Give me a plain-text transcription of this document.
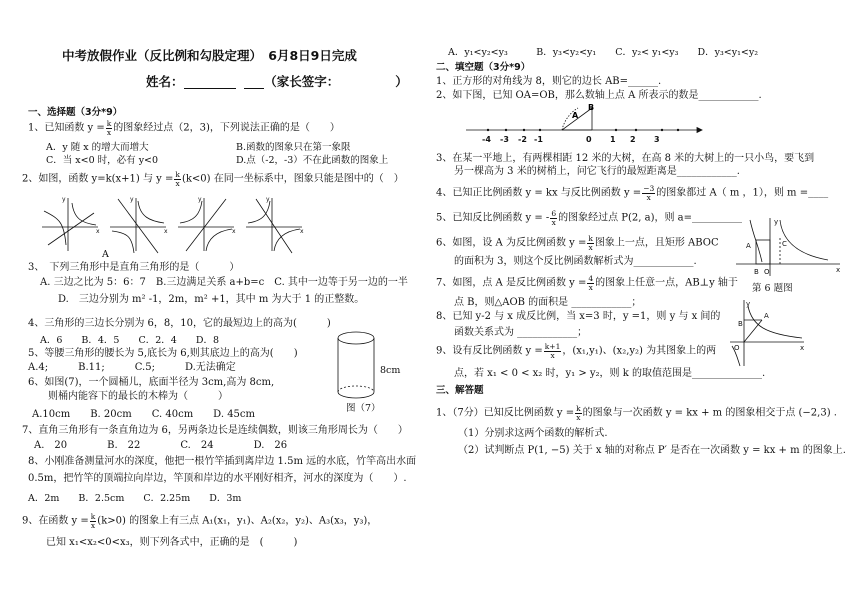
中考放假作业（反比例和勾股定理）　6月8日9日完成
姓名：	（家长签字：	）
一、选择题（3分*9）
1、已知函数 $y = \frac{k}{x}$ 的图象经过点（2，3)，下列说法正确的是（　　）
A．y 随 x 的增大而增大	B.函数的图象只在第一象限
C．当 x<0 时，必有 y<0	D.点（-2，-3）不在此函数的图象上
2、如图，函数 y=k(x+1) 与 $y = \frac{k}{x} (k<0)$ 在同一坐标系中，图象只能是图中的（　）
y
x
y
x
y
x
y
x
A
3、　下列三角形中是直角三角形的是（　　　）
A. 三边之比为 5：6：7　B.三边满足关系 a+b=c　C. 其中一边等于另一边的一半
D.　三边分别为 m² -1，2m，m² +1，其中 m 为大于 1 的正整数。
4、三角形的三边长分别为 6，8，10，它的最短边上的高为(　　　)
A．6　　B．4．5　　C．2．4　　D．8
5、等腰三角形的腰长为 5,底长为 6,则其底边上的高为(　　)
A.4;　　　B.11;　　　C.5;　　　D.无法确定
6、如图(7)，一个圆桶儿，底面半径为 3cm,高为 8cm,
则桶内能容下的最长的木棒为（　　　）
A.10cm　　B. 20cm　　C. 40cm　　D. 45cm
8cm
图（7）
7、直角三角形有一条直角边为 6，另两条边长是连续偶数，则该三角形周长为（　　）
A.　20　　　　B.　22　　　　C.　24　　　　D.　26
8、小刚准备测量河水的深度，他把一根竹竿插到离岸边 1.5m 远的水底，竹竿高出水面
0.5m，把竹竿的顶端拉向岸边，竿顶和岸边的水平刚好相齐，河水的深度为（　　）.
A．2m　　B．2.5cm　　C．2.25m　　D．3m
9、在函数 $y = \frac{k}{x} (k>0)$ 的图象上有三点 A₁(x₁，y₁)、A₂(x₂，y₂)、A₃(x₃，y₃)，
已知 x₁<x₂<0<x₃，则下列各式中，正确的是　(　　　)
A．y₁<y₂<y₃　　　B．y₃<y₂<y₁　　C．y₂< y₁<y₃　　D．y₃<y₁<y₂
二、填空题（3分*9）
1、正方形的对角线为 8，则它的边长 AB=______.
2、如下图，已知 OA=OB，那么数轴上点 A 所表示的数是____________.
-4 -3 -2 -1	0 1 2 3
A
B
3、在某一平地上，有两棵相距 12 米的大树，在高 8 米的大树上的一只小鸟，要飞到
另一棵高为 3 米的树梢上，问它飞行的最短距离是____________.
4、已知正比例函数 y = kx 与反比例函数 $y = \frac{-3}{x}$ 的图象都过 A（ m ，1），则 m =____
5、已知反比例函数 y = - $\frac{6}{x}$ 的图象经过点 P(2, a)，则 a=__________
6、如图，设 A 为反比例函数 $y = \frac{k}{x}$ 图象上一点，且矩形 ABOC
的面积为 3，则这个反比例函数解析式为____________.
7、如图，点 A 是反比例函数 $y = \frac{4}{x}$ 的图象上任意一点，AB⊥y 轴于
点 B，则△AOB 的面积是 ____________；
8、已知 y-2 与 x 成反比例，当 x=3 时，y =1，则 y 与 x 间的
函数关系式为 ____________；
9、设有反比例函数 $y = \frac{k+1}{x}$ ，(x₁,y₁)、(x₂,y₂) 为其图象上的两
点，若 x₁ < 0 < x₂ 时，y₁ > y₂，则 k 的取值范围是______________.
A	C
B O	x
y
第 6 题图
B
A
O	x
y
三、解答题
1、（7分）已知反比例函数 $y = \frac{k}{x}$ 的图象与一次函数 y = kx + m 的图象相交于点 (−2,3) .
（1）分别求这两个函数的解析式.
（2）试判断点 P(1, −5) 关于 x 轴的对称点 P′ 是否在一次函数 y = kx + m 的图象上.
